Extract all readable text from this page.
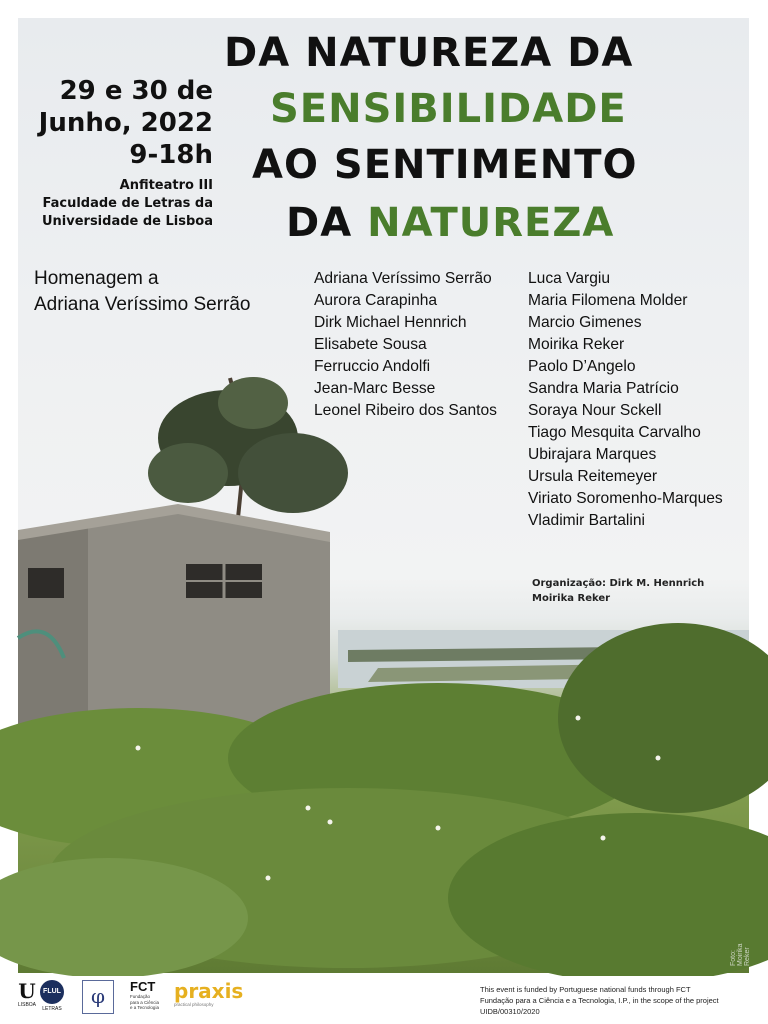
DA NATUREZA DA
SENSIBILIDADE
AO SENTIMENTO
DA NATUREZA
29 e 30 de
Junho, 2022
9-18h
Anfiteatro III
Faculdade de Letras da
Universidade de Lisboa
Homenagem a
Adriana Veríssimo Serrão
Adriana Veríssimo Serrão
Aurora Carapinha
Dirk Michael Hennrich
Elisabete Sousa
Ferruccio Andolfi
Jean-Marc Besse
Leonel Ribeiro dos Santos
Luca Vargiu
Maria Filomena Molder
Marcio Gimenes
Moirika Reker
Paolo D’Angelo
Sandra Maria Patrício
Soraya Nour Sckell
Tiago Mesquita Carvalho
Ubirajara Marques
Ursula Reitemeyer
Viriato Soromenho-Marques
Vladimir Bartalini
Organização: Dirk M. Hennrich
Moirika Reker
Foto: Moirika Reker
U
LISBOA
FLUL
LETRAS
φ	FCT
Fundação
para a Ciência
e a Tecnologia
praxis
practical philosophy
This event is funded by Portuguese national funds through FCT
Fundação para a Ciência e a Tecnologia, I.P., in the scope of the project UIDB/00310/2020
